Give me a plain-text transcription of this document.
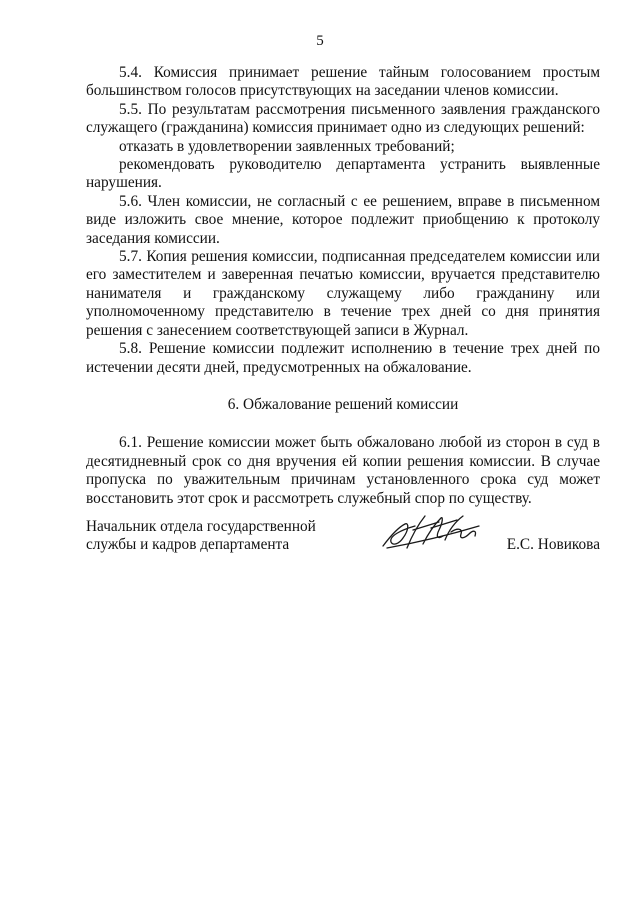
5

5.4. Комиссия принимает решение тайным голосованием простым большинством голосов присутствующих на заседании членов комиссии.

5.5. По результатам рассмотрения письменного заявления гражданского служащего (гражданина) комиссия принимает одно из следующих решений:

отказать в удовлетворении заявленных требований;

рекомендовать руководителю департамента устранить выявленные нарушения.

5.6. Член комиссии, не согласный с ее решением, вправе в письменном виде изложить свое мнение, которое подлежит приобщению к протоколу заседания комиссии.

5.7. Копия решения комиссии, подписанная председателем комиссии или его заместителем и заверенная печатью комиссии, вручается представителю нанимателя и гражданскому служащему либо гражданину или уполномоченному представителю в течение трех дней со дня принятия решения с занесением соответствующей записи в Журнал.

5.8. Решение комиссии подлежит исполнению в течение трех дней по истечении десяти дней, предусмотренных на обжалование.

6. Обжалование решений комиссии

6.1. Решение комиссии может быть обжаловано любой из сторон в суд в десятидневный срок со дня вручения ей копии решения комиссии. В случае пропуска по уважительным причинам установленного срока суд может восстановить этот срок и рассмотреть служебный спор по существу.

Начальник отдела государственной
службы и кадров департамента	Е.С. Новикова
